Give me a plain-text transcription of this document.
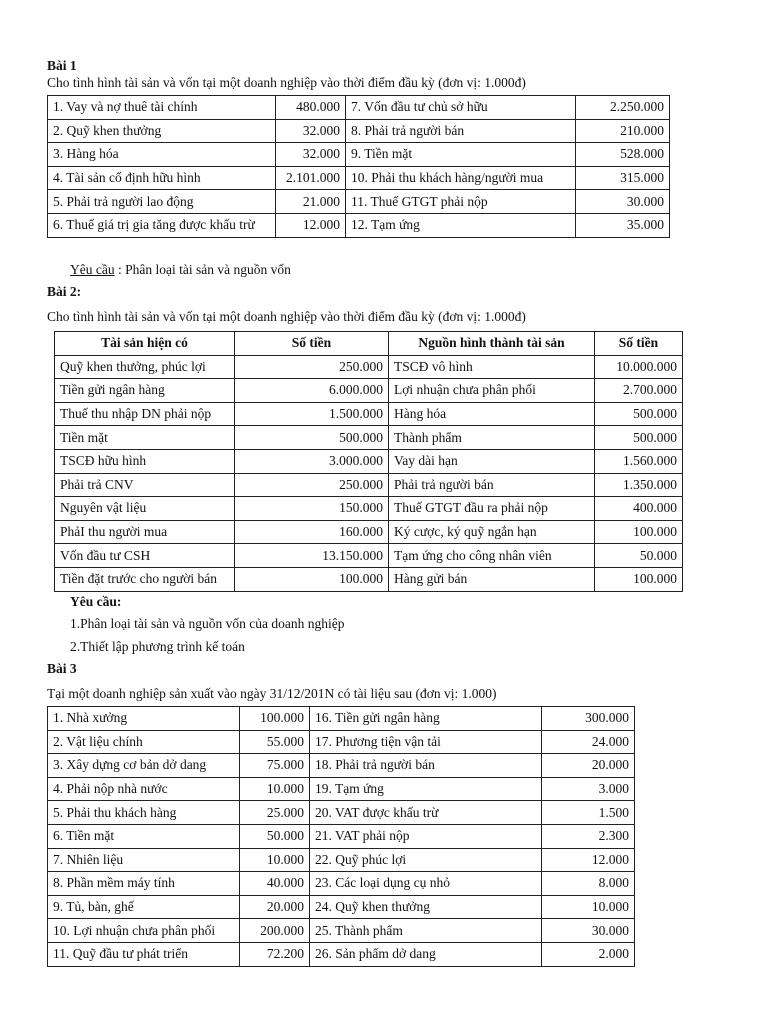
Bài 1
Cho tình hình tài sản và vốn tại một doanh nghiệp vào thời điểm đầu kỳ (đơn vị: 1.000đ)
1. Vay và nợ thuê tài chính	480.000	7. Vốn đầu tư chủ sở hữu	2.250.000
2. Quỹ khen thưởng	32.000	8. Phải trả người bán	210.000
3. Hàng hóa	32.000	9. Tiền mặt	528.000
4. Tài sản cố định hữu hình	2.101.000	10. Phải thu khách hàng/người mua	315.000
5. Phải trả người lao động	21.000	11. Thuế GTGT phải nộp	30.000
6. Thuế giá trị gia tăng được khấu trừ	12.000	12. Tạm ứng	35.000
Yêu cầu : Phân loại tài sản và nguồn vốn
Bài 2:
Cho tình hình tài sản và vốn tại một doanh nghiệp vào thời điểm đầu kỳ (đơn vị: 1.000đ)
Tài sản hiện có	Số tiền	Nguồn hình thành tài sản	Số tiền
Quỹ khen thưởng, phúc lợi	250.000	TSCĐ vô hình	10.000.000
Tiền gửi ngân hàng	6.000.000	Lợi nhuận chưa phân phối	2.700.000
Thuế thu nhập DN phải nộp	1.500.000	Hàng hóa	500.000
Tiền mặt	500.000	Thành phẩm	500.000
TSCĐ hữu hình	3.000.000	Vay dài hạn	1.560.000
Phải trả CNV	250.000	Phải trả người bán	1.350.000
Nguyên vật liệu	150.000	Thuế GTGT đầu ra phải nộp	400.000
PhảI thu người mua	160.000	Ký cược, ký quỹ ngắn hạn	100.000
Vốn đầu tư CSH	13.150.000	Tạm ứng cho công nhân viên	50.000
Tiền đặt trước cho người bán	100.000	Hàng gửi bán	100.000
Yêu cầu:
1.Phân loại tài sản và nguồn vốn của doanh nghiệp
2.Thiết lập phương trình kế toán
Bài 3
Tại một doanh nghiệp sản xuất vào ngày 31/12/201N có tài liệu sau (đơn vị: 1.000)
1. Nhà xưởng	100.000	16. Tiền gửi ngân hàng	300.000
2. Vật liệu chính	55.000	17. Phương tiện vận tải	24.000
3. Xây dựng cơ bản dở dang	75.000	18. Phải trả người bán	20.000
4. Phải nộp nhà nước	10.000	19. Tạm ứng	3.000
5. Phải thu khách hàng	25.000	20. VAT được khấu trừ	1.500
6. Tiền mặt	50.000	21. VAT phải nộp	2.300
7. Nhiên liệu	10.000	22. Quỹ phúc lợi	12.000
8. Phần mềm máy tính	40.000	23. Các loại dụng cụ nhỏ	8.000
9. Tủ, bàn, ghế	20.000	24. Quỹ khen thưởng	10.000
10. Lợi nhuận chưa phân phối	200.000	25. Thành phẩm	30.000
11. Quỹ đầu tư phát triển	72.200	26. Sản phẩm dở dang	2.000
